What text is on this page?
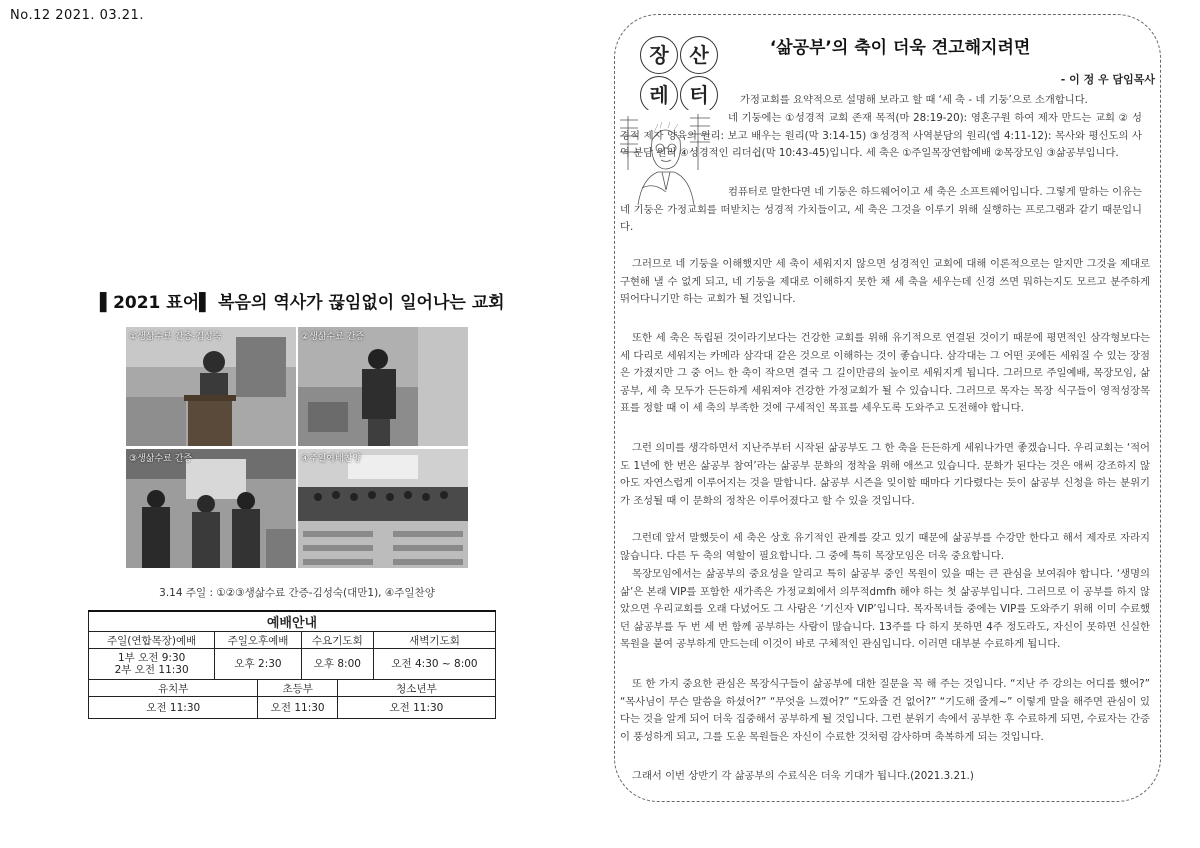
No.12 2021. 03.21.
▌2021 표어▌ 복음의 역사가 끊임없이 일어나는 교회
①생삶수료 간증-김성숙	②생삶수료 간증
③생삶수료 간증	④주일예배찬양
3.14 주일 : ①②③생삶수료 간증-김성숙(대만1), ④주일찬양
예배안내					
주일(연합목장)예배	주일오후예배		수요기도회		새벽기도회

1부 오전 9:30
2부 오전 11:30	오후 2:30		오후 8:00		오전 4:30 ~ 8:00
유치부		초등부		청소년부	
오전 11:30		오전 11:30		오전 11:30	
장	산
레	터
‘삶공부’의 축이 더욱 견고해지려면
- 이 정 우 담임목사
가정교회를 요약적으로 설명해 보라고 할 때 ‘세 축 - 네 기둥’으로 소개합니다.
네 기둥에는 ①성경적 교회 존재 목적(마 28:19-20): 영혼구원 하여 제자 만드는 교회 ② 성경적 제자 양육의 원리: 보고 배우는 원리(막 3:14-15) ③성경적 사역분담의 원리(엡 4:11-12): 목사와 평신도의 사역 분담 원리 ④성경적인 리더쉽(막 10:43-45)입니다. 세 축은 ①주일목장연합예배 ②목장모임 ③삶공부입니다.
컴퓨터로 말한다면 네 기둥은 하드웨어이고 세 축은 소프트웨어입니다. 그렇게 말하는 이유는 네 기둥은 가정교회를 떠받치는 성경적 가치들이고, 세 축은 그것을 이루기 위해 실행하는 프로그램과 같기 때문입니다.
그러므로 네 기둥을 이해했지만 세 축이 세워지지 않으면 성경적인 교회에 대해 이론적으로는 알지만 그것을 제대로 구현해 낼 수 없게 되고, 네 기둥을 제대로 이해하지 못한 채 세 축을 세우는데 신경 쓰면 뭐하는지도 모르고 분주하게 뛰어다니기만 하는 교회가 될 것입니다.
또한 세 축은 독립된 것이라기보다는 건강한 교회를 위해 유기적으로 연결된 것이기 때문에 평면적인 삼각형보다는 세 다리로 세워지는 카메라 삼각대 같은 것으로 이해하는 것이 좋습니다. 삼각대는 그 어떤 곳에든 세워질 수 있는 장점은 가졌지만 그 중 어느 한 축이 작으면 결국 그 길이만큼의 높이로 세워지게 됩니다. 그러므로 주일예배, 목장모임, 삶공부, 세 축 모두가 든든하게 세워져야 건강한 가정교회가 될 수 있습니다. 그러므로 목자는 목장 식구들이 영적성장목표를 정할 때 이 세 축의 부족한 것에 구세적인 목표를 세우도록 도와주고 도전해야 합니다.
그런 의미를 생각하면서 지난주부터 시작된 삶공부도 그 한 축을 든든하게 세워나가면 좋겠습니다. 우리교회는 ‘적어도 1년에 한 번은 삶공부 참여’라는 삶공부 문화의 정착을 위해 애쓰고 있습니다. 문화가 된다는 것은 애써 강조하지 않아도 자연스럽게 이루어지는 것을 말합니다. 삶공부 시즌을 잊이할 때마다 기다렸다는 듯이 삶공부 신청을 하는 분위기가 조성될 때 이 문화의 정착은 이루어졌다고 할 수 있을 것입니다.
그런데 앞서 말했듯이 세 축은 상호 유기적인 관계를 갖고 있기 때문에 삶공부를 수강만 한다고 해서 제자로 자라지 않습니다. 다른 두 축의 역할이 필요합니다. 그 중에 특히 목장모임은 더욱 중요합니다.
목장모임에서는 삶공부의 중요성을 알리고 특히 삶공부 중인 목원이 있을 때는 큰 관심을 보여줘야 합니다. ‘생명의삶’은 본래 VIP를 포함한 새가족은 가정교회에서 의무적dmfh 해야 하는 첫 삶공부입니다. 그러므로 이 공부를 하지 않았으면 우리교회를 오래 다녔어도 그 사람은 ‘기신자 VIP’입니다. 목자목녀들 중에는 VIP를 도와주기 위해 이미 수료했던 삶공부를 두 번 세 번 함께 공부하는 사람이 많습니다. 13주를 다 하지 못하면 4주 정도라도, 자신이 못하면 신실한 목원을 붙여 공부하게 만드는데 이것이 바로 구체적인 관심입니다. 이러면 대부분 수료하게 됩니다.
또 한 가지 중요한 관심은 목장식구들이 삶공부에 대한 질문을 꼭 해 주는 것입니다. “지난 주 강의는 어디를 했어?” “목사님이 무슨 말씀을 하셨어?” “무엇을 느꼈어?” “도와줄 건 없어?” “기도해 줄게~” 이렇게 말을 해주면 관심이 있다는 것을 알게 되어 더욱 집중해서 공부하게 될 것입니다. 그런 분위기 속에서 공부한 후 수료하게 되면, 수료자는 간증이 풍성하게 되고, 그를 도운 목원들은 자신이 수료한 것처럼 감사하며 축복하게 되는 것입니다.
그래서 이번 상반기 각 삶공부의 수료식은 더욱 기대가 됩니다.(2021.3.21.)
